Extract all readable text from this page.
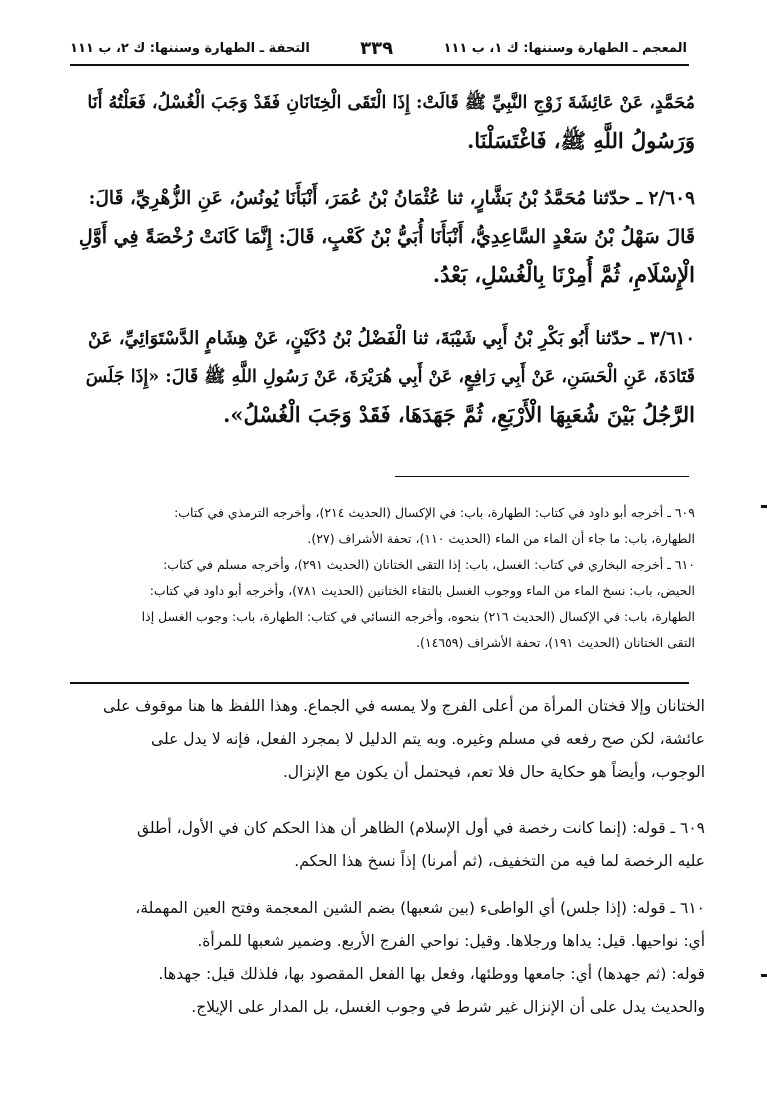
المعجم ـ الطهارة وسننها: ك ١، ب ١١١
٣٣٩
التحفة ـ الطهارة وسننها: ك ٢، ب ١١١
مُحَمَّدٍ، عَنْ عَائِشَةَ زَوْجِ النَّبِيِّ ﷺ قَالَتْ: إِذَا الْتَقَى الْخِتَانَانِ فَقَدْ وَجَبَ الْغُسْلُ، فَعَلْتُهُ أَنَا
وَرَسُولُ اللَّهِ ﷺ، فَاغْتَسَلْنَا.
٢/٦٠٩ ـ حدّثنا مُحَمَّدُ بْنُ بَشَّارٍ، ثنا عُثْمَانُ بْنُ عُمَرَ، أَنْبَأَنَا يُونُسُ، عَنِ الزُّهْرِيِّ، قَالَ:
قَالَ سَهْلُ بْنُ سَعْدٍ السَّاعِدِيُّ، أَنْبَأَنَا أُبَيُّ بْنُ كَعْبٍ، قَالَ: إِنَّمَا كَانَتْ رُخْصَةً فِي أَوَّلِ
الْإِسْلَامِ، ثُمَّ أُمِرْنَا بِالْغُسْلِ، بَعْدُ.
٣/٦١٠ ـ حدّثنا أَبُو بَكْرِ بْنُ أَبِي شَيْبَةَ، ثنا الْفَضْلُ بْنُ دُكَيْنٍ، عَنْ هِشَامٍ الدَّسْتَوَائِيِّ، عَنْ
قَتَادَةَ، عَنِ الْحَسَنِ، عَنْ أَبِي رَافِعٍ، عَنْ أَبِي هُرَيْرَةَ، عَنْ رَسُولِ اللَّهِ ﷺ قَالَ: «إِذَا جَلَسَ
الرَّجُلُ بَيْنَ شُعَبِهَا الْأَرْبَعِ، ثُمَّ جَهَدَهَا، فَقَدْ وَجَبَ الْغُسْلُ».
٦٠٩ ـ أخرجه أبو داود في كتاب: الطهارة، باب: في الإكسال (الحديث ٢١٤)، وأخرجه الترمذي في كتاب:
الطهارة، باب: ما جاء أن الماء من الماء (الحديث ١١٠)، تحفة الأشراف (٢٧).
٦١٠ ـ أخرجه البخاري في كتاب: الغسل، باب: إذا التقى الختانان (الحديث ٢٩١)، وأخرجه مسلم في كتاب:
الحيض، باب: نسخ الماء من الماء ووجوب الغسل بالتقاء الختانين (الحديث ٧٨١)، وأخرجه أبو داود في كتاب:
الطهارة، باب: في الإكسال (الحديث ٢١٦) بنحوه، وأخرجه النسائي في كتاب: الطهارة، باب: وجوب الغسل إذا
التقى الختانان (الحديث ١٩١)، تحفة الأشراف (١٤٦٥٩).
الختانان وإلا فختان المرأة من أعلى الفرج ولا يمسه في الجماع. وهذا اللفظ ها هنا موقوف على
عائشة، لكن صح رفعه في مسلم وغيره. وبه يتم الدليل لا بمجرد الفعل، فإنه لا يدل على
الوجوب، وأيضاً هو حكاية حال فلا تعم، فيحتمل أن يكون مع الإنزال.
٦٠٩ ـ قوله: (إنما كانت رخصة في أول الإسلام) الظاهر أن هذا الحكم كان في الأول، أطلق
عليه الرخصة لما فيه من التخفيف، (ثم أمرنا) إذاً نسخ هذا الحكم.
٦١٠ ـ قوله: (إذا جلس) أي الواطىء (بين شعبها) بضم الشين المعجمة وفتح العين المهملة،
أي: نواحيها. قيل: يداها ورجلاها. وقيل: نواحي الفرج الأربع. وضمير شعبها للمرأة.
قوله: (ثم جهدها) أي: جامعها ووطئها، وفعل بها الفعل المقصود بها، فلذلك قيل: جهدها.
والحديث يدل على أن الإنزال غير شرط في وجوب الغسل، بل المدار على الإيلاج.
